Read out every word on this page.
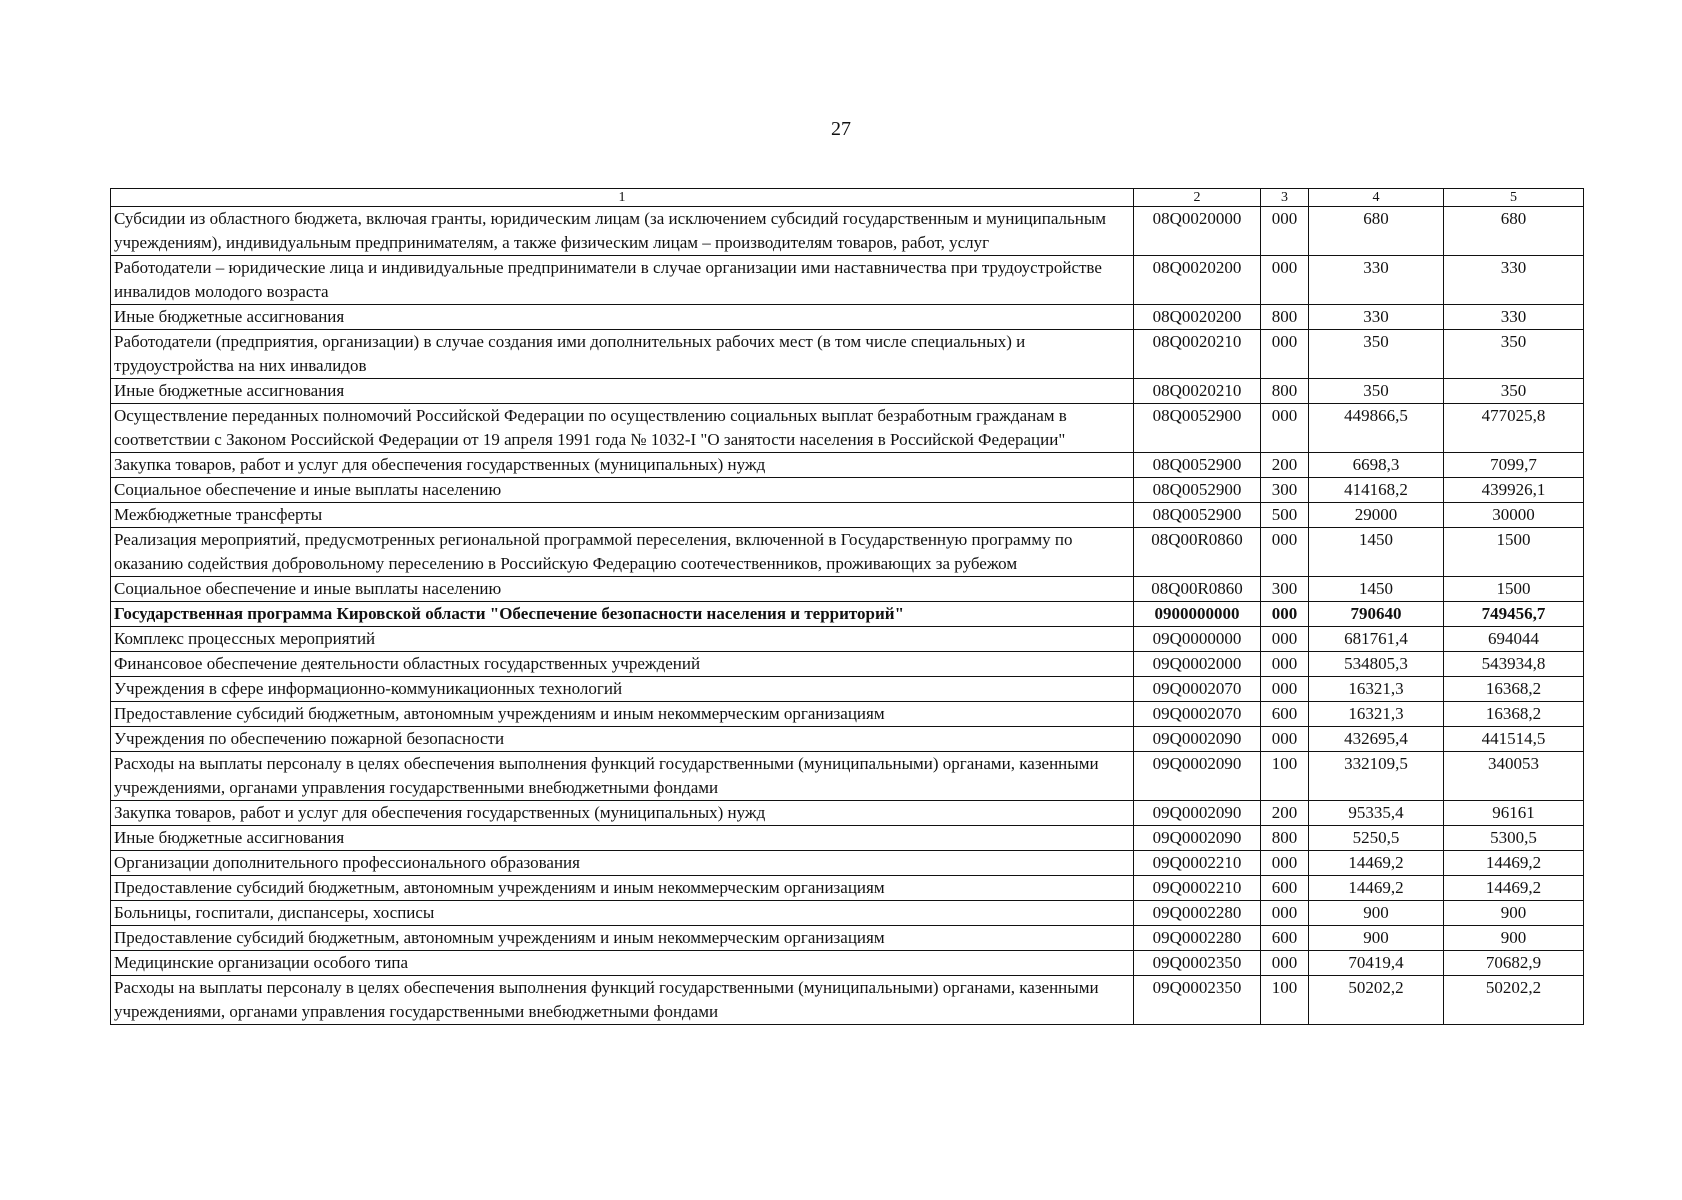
27
1	2	3	4	5
Субсидии из областного бюджета, включая гранты, юридическим лицам (за исключением субсидий государственным и муниципальным учреждениям), индивидуальным предпринимателям, а также физическим лицам – производителям товаров, работ, услуг	08Q0020000	000	680	680
Работодатели – юридические лица и индивидуальные предприниматели в случае организации ими наставничества при трудоустройстве инвалидов молодого возраста	08Q0020200	000	330	330
Иные бюджетные ассигнования	08Q0020200	800	330	330
Работодатели (предприятия, организации) в случае создания ими дополнительных рабочих мест (в том числе специальных) и трудоустройства на них инвалидов	08Q0020210	000	350	350
Иные бюджетные ассигнования	08Q0020210	800	350	350
Осуществление переданных полномочий Российской Федерации по осуществлению социальных выплат безработным гражданам в соответствии с Законом Российской Федерации от 19 апреля 1991 года № 1032-I "О занятости населения в Российской Федерации"	08Q0052900	000	449866,5	477025,8
Закупка товаров, работ и услуг для обеспечения государственных (муниципальных) нужд	08Q0052900	200	6698,3	7099,7
Социальное обеспечение и иные выплаты населению	08Q0052900	300	414168,2	439926,1
Межбюджетные трансферты	08Q0052900	500	29000	30000
Реализация мероприятий, предусмотренных региональной программой переселения, включенной в Государственную программу по оказанию содействия добровольному переселению в Российскую Федерацию соотечественников, проживающих за рубежом	08Q00R0860	000	1450	1500
Социальное обеспечение и иные выплаты населению	08Q00R0860	300	1450	1500
Государственная программа Кировской области "Обеспечение безопасности населения и территорий"	0900000000	000	790640	749456,7
Комплекс процессных мероприятий	09Q0000000	000	681761,4	694044
Финансовое обеспечение деятельности областных государственных учреждений	09Q0002000	000	534805,3	543934,8
Учреждения в сфере информационно-коммуникационных технологий	09Q0002070	000	16321,3	16368,2
Предоставление субсидий бюджетным, автономным учреждениям и иным некоммерческим организациям	09Q0002070	600	16321,3	16368,2
Учреждения по обеспечению пожарной безопасности	09Q0002090	000	432695,4	441514,5
Расходы на выплаты персоналу в целях обеспечения выполнения функций государственными (муниципальными) органами, казенными учреждениями, органами управления государственными внебюджетными фондами	09Q0002090	100	332109,5	340053
Закупка товаров, работ и услуг для обеспечения государственных (муниципальных) нужд	09Q0002090	200	95335,4	96161
Иные бюджетные ассигнования	09Q0002090	800	5250,5	5300,5
Организации дополнительного профессионального образования	09Q0002210	000	14469,2	14469,2
Предоставление субсидий бюджетным, автономным учреждениям и иным некоммерческим организациям	09Q0002210	600	14469,2	14469,2
Больницы, госпитали, диспансеры, хосписы	09Q0002280	000	900	900
Предоставление субсидий бюджетным, автономным учреждениям и иным некоммерческим организациям	09Q0002280	600	900	900
Медицинские организации особого типа	09Q0002350	000	70419,4	70682,9
Расходы на выплаты персоналу в целях обеспечения выполнения функций государственными (муниципальными) органами, казенными учреждениями, органами управления государственными внебюджетными фондами	09Q0002350	100	50202,2	50202,2
